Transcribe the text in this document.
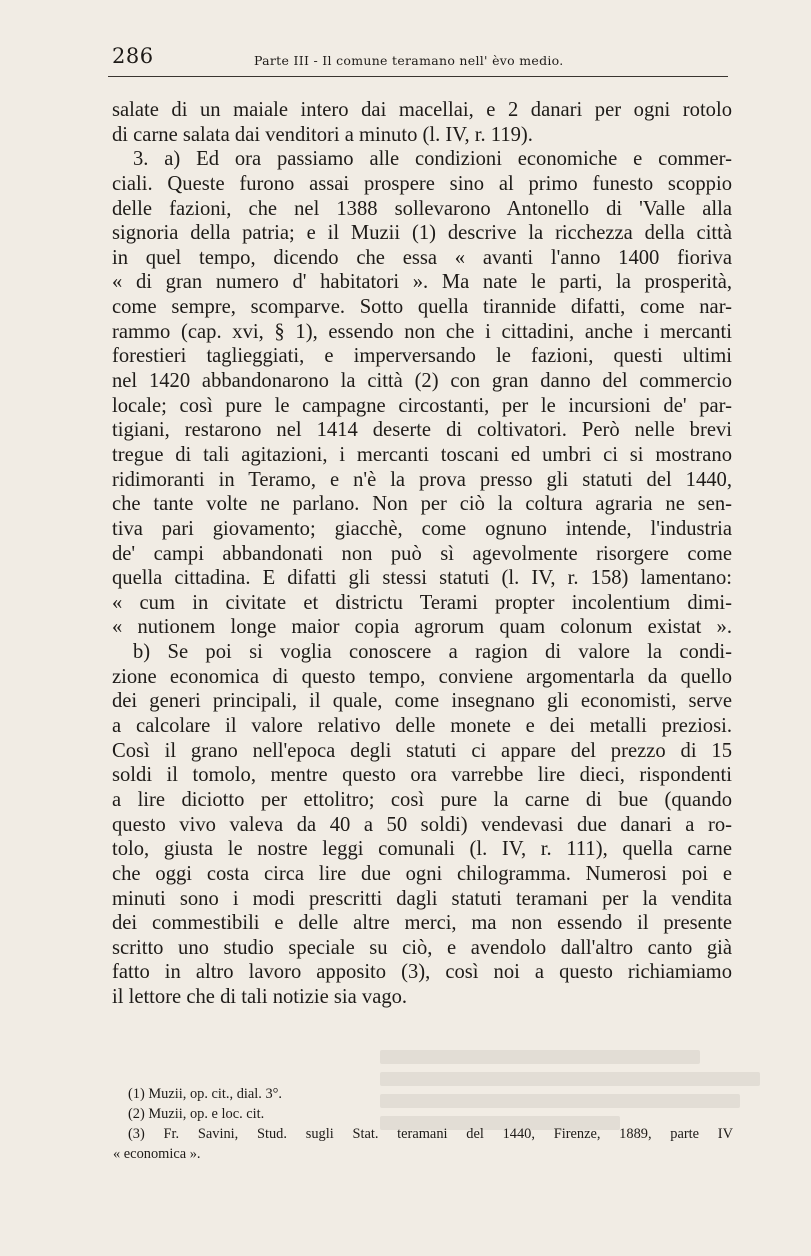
286	Parte III - Il comune teramano nell' èvo medio.
salate di un maiale intero dai macellai, e 2 danari per ogni rotolo
di carne salata dai venditori a minuto (l. IV, r. 119).
3. a) Ed ora passiamo alle condizioni economiche e commer-
ciali. Queste furono assai prospere sino al primo funesto scoppio
delle fazioni, che nel 1388 sollevarono Antonello di 'Valle alla
signoria della patria; e il Muzii (1) descrive la ricchezza della città
in quel tempo, dicendo che essa « avanti l'anno 1400 fioriva
« di gran numero d' habitatori ». Ma nate le parti, la prosperità,
come sempre, scomparve. Sotto quella tirannide difatti, come nar-
rammo (cap. xvi, § 1), essendo non che i cittadini, anche i mercanti
forestieri taglieggiati, e imperversando le fazioni, questi ultimi
nel 1420 abbandonarono la città (2) con gran danno del commercio
locale; così pure le campagne circostanti, per le incursioni de' par-
tigiani, restarono nel 1414 deserte di coltivatori. Però nelle brevi
tregue di tali agitazioni, i mercanti toscani ed umbri ci si mostrano
ridimoranti in Teramo, e n'è la prova presso gli statuti del 1440,
che tante volte ne parlano. Non per ciò la coltura agraria ne sen-
tiva pari giovamento; giacchè, come ognuno intende, l'industria
de' campi abbandonati non può sì agevolmente risorgere come
quella cittadina. E difatti gli stessi statuti (l. IV, r. 158) lamentano:
« cum in civitate et districtu Terami propter incolentium dimi-
« nutionem longe maior copia agrorum quam colonum existat ».
b) Se poi si voglia conoscere a ragion di valore la condi-
zione economica di questo tempo, conviene argomentarla da quello
dei generi principali, il quale, come insegnano gli economisti, serve
a calcolare il valore relativo delle monete e dei metalli preziosi.
Così il grano nell'epoca degli statuti ci appare del prezzo di 15
soldi il tomolo, mentre questo ora varrebbe lire dieci, rispondenti
a lire diciotto per ettolitro; così pure la carne di bue (quando
questo vivo valeva da 40 a 50 soldi) vendevasi due danari a ro-
tolo, giusta le nostre leggi comunali (l. IV, r. 111), quella carne
che oggi costa circa lire due ogni chilogramma. Numerosi poi e
minuti sono i modi prescritti dagli statuti teramani per la vendita
dei commestibili e delle altre merci, ma non essendo il presente
scritto uno studio speciale su ciò, e avendolo dall'altro canto già
fatto in altro lavoro apposito (3), così noi a questo richiamiamo
il lettore che di tali notizie sia vago.
(1) Muzii, op. cit., dial. 3°.
(2) Muzii, op. e loc. cit.
(3) Fr. Savini, Stud. sugli Stat. teramani del 1440, Firenze, 1889, parte IV
« economica ».
